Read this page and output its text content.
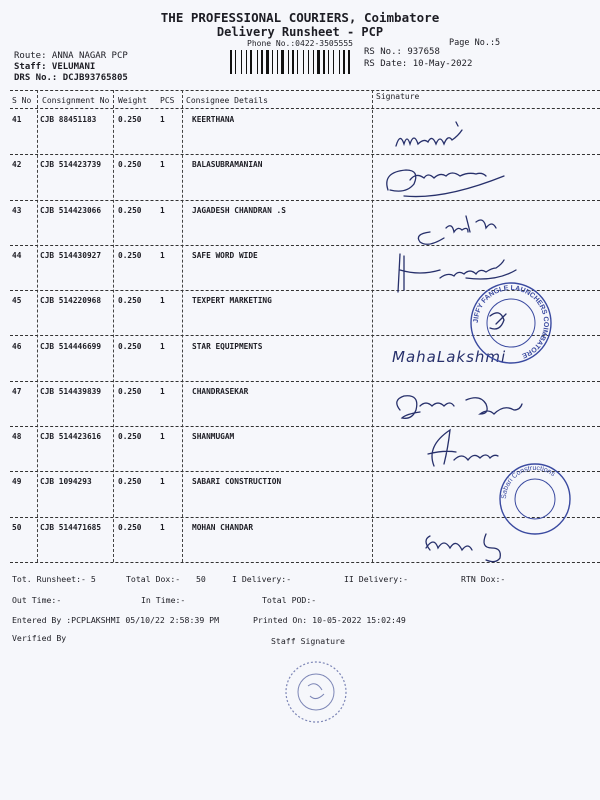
THE PROFESSIONAL COURIERS, Coimbatore
Delivery Runsheet - PCP
Phone No.:0422-3505555	Page No.:5
Route: ANNA NAGAR PCP
Staff: VELUMANI
DRS No.: DCJB93765805
RS No.: 937658
RS Date: 10-May-2022
S No Consignment No Weight PCS Consignee Details	Signature
41 CJB 88451183	0.250 1	KEERTHANA
42 CJB 514423739 0.250 1	BALASUBRAMANIAN
43 CJB 514423066 0.250 1	JAGADESH CHANDRAN .S
44 CJB 514430927 0.250 1	SAFE WORD WIDE
45 CJB 514220968 0.250 1	TEXPERT MARKETING
46 CJB 514446699 0.250 1	STAR EQUIPMENTS
47 CJB 514439839 0.250 1	CHANDRASEKAR
48 CJB 514423616 0.250 1	SHANMUGAM
49 CJB 1094293	0.250 1	SABARI CONSTRUCTION
50 CJB 514471685 0.250 1	MOHAN CHANDAR
MahaLakshmi
JIFFY FANGLE LAUNCHERS COIMBATORE
Sabari Constructions
Tot. Runsheet:- 5	Total Dox:- 50	I Delivery:-	II Delivery:-	RTN Dox:-
Out Time:-	In Time:-	Total POD:-
Entered By :PCPLAKSHMI 05/10/22 2:58:39 PM	Printed On: 10-05-2022 15:02:49
Verified By	Staff Signature
